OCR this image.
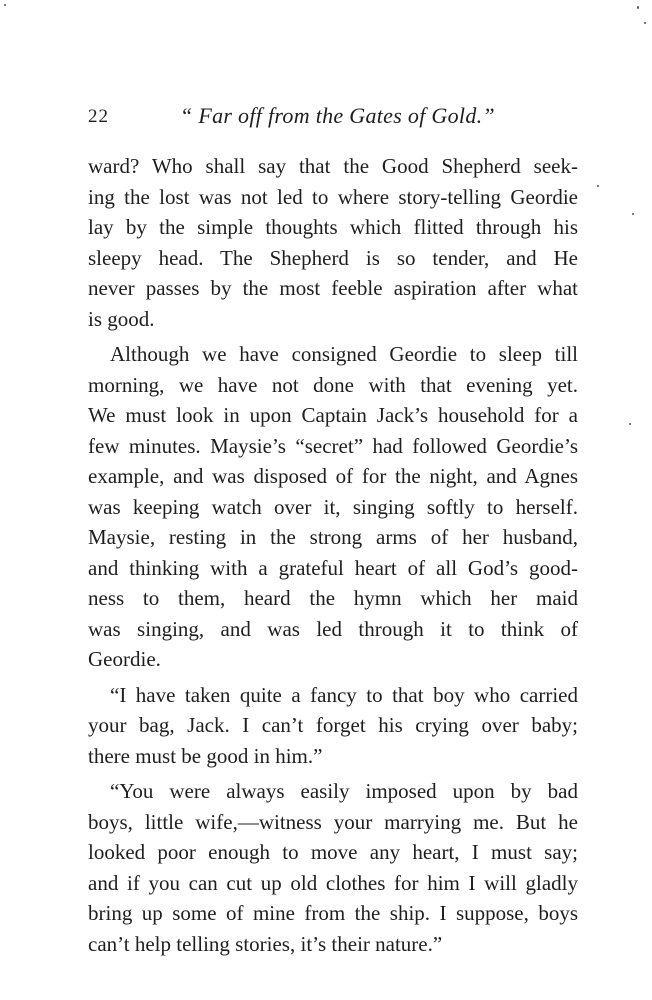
22	“ Far off from the Gates of Gold.”
ward? Who shall say that the Good Shepherd seek-
ing the lost was not led to where story-telling Geordie
lay by the simple thoughts which flitted through his
sleepy head. The Shepherd is so tender, and He
never passes by the most feeble aspiration after what
is good.
Although we have consigned Geordie to sleep till
morning, we have not done with that evening yet.
We must look in upon Captain Jack’s household for a
few minutes. Maysie’s “secret” had followed Geordie’s
example, and was disposed of for the night, and Agnes
was keeping watch over it, singing softly to herself.
Maysie, resting in the strong arms of her husband,
and thinking with a grateful heart of all God’s good-
ness to them, heard the hymn which her maid
was singing, and was led through it to think of
Geordie.
“I have taken quite a fancy to that boy who carried
your bag, Jack. I can’t forget his crying over baby;
there must be good in him.”
“You were always easily imposed upon by bad
boys, little wife,—witness your marrying me. But he
looked poor enough to move any heart, I must say;
and if you can cut up old clothes for him I will gladly
bring up some of mine from the ship. I suppose, boys
can’t help telling stories, it’s their nature.”
